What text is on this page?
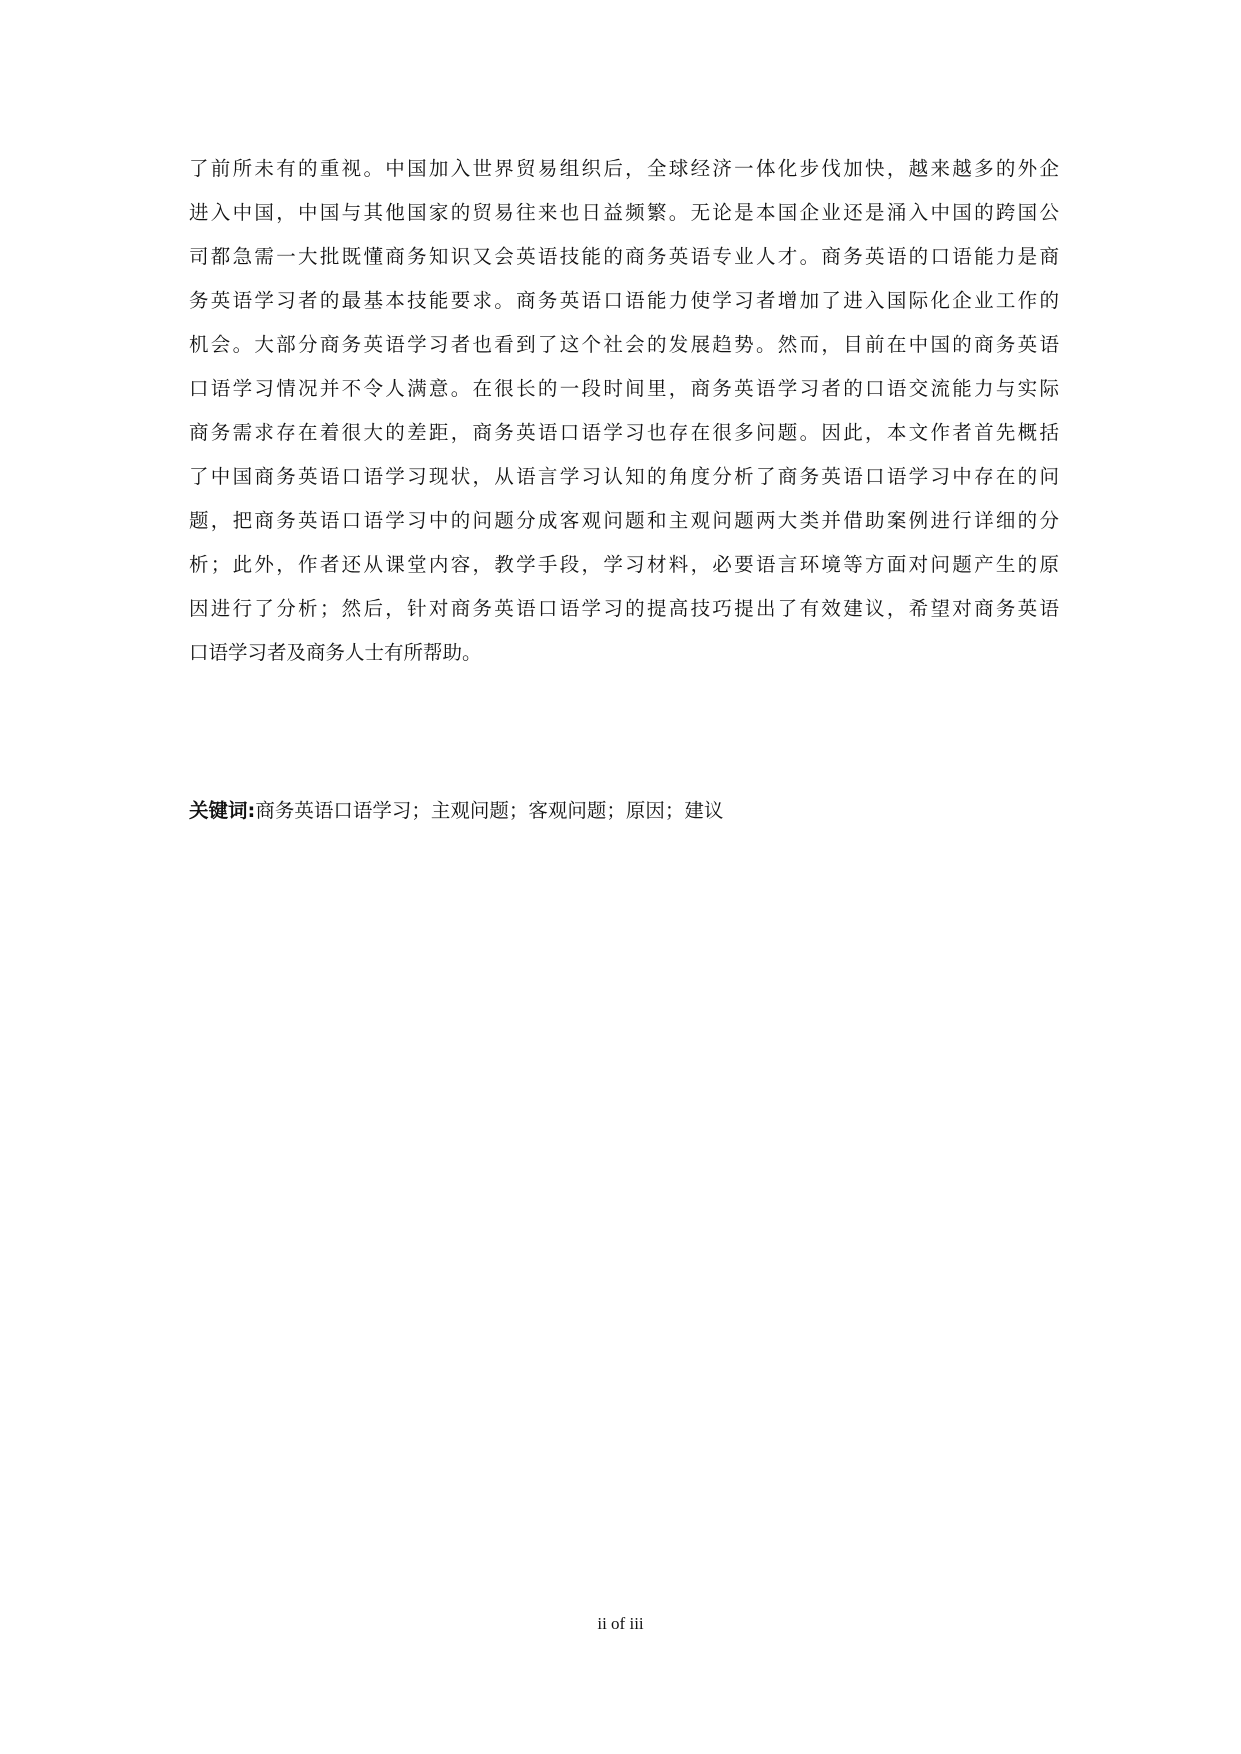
了前所未有的重视。中国加入世界贸易组织后，全球经济一体化步伐加快，越来越多的外企
进入中国，中国与其他国家的贸易往来也日益频繁。无论是本国企业还是涌入中国的跨国公
司都急需一大批既懂商务知识又会英语技能的商务英语专业人才。商务英语的口语能力是商
务英语学习者的最基本技能要求。商务英语口语能力使学习者增加了进入国际化企业工作的
机会。大部分商务英语学习者也看到了这个社会的发展趋势。然而，目前在中国的商务英语
口语学习情况并不令人满意。在很长的一段时间里，商务英语学习者的口语交流能力与实际
商务需求存在着很大的差距，商务英语口语学习也存在很多问题。因此，本文作者首先概括
了中国商务英语口语学习现状，从语言学习认知的角度分析了商务英语口语学习中存在的问
题，把商务英语口语学习中的问题分成客观问题和主观问题两大类并借助案例进行详细的分
析；此外，作者还从课堂内容，教学手段，学习材料，必要语言环境等方面对问题产生的原
因进行了分析；然后，针对商务英语口语学习的提高技巧提出了有效建议，希望对商务英语
口语学习者及商务人士有所帮助。
关键词:商务英语口语学习；主观问题；客观问题；原因；建议
ii of iii
